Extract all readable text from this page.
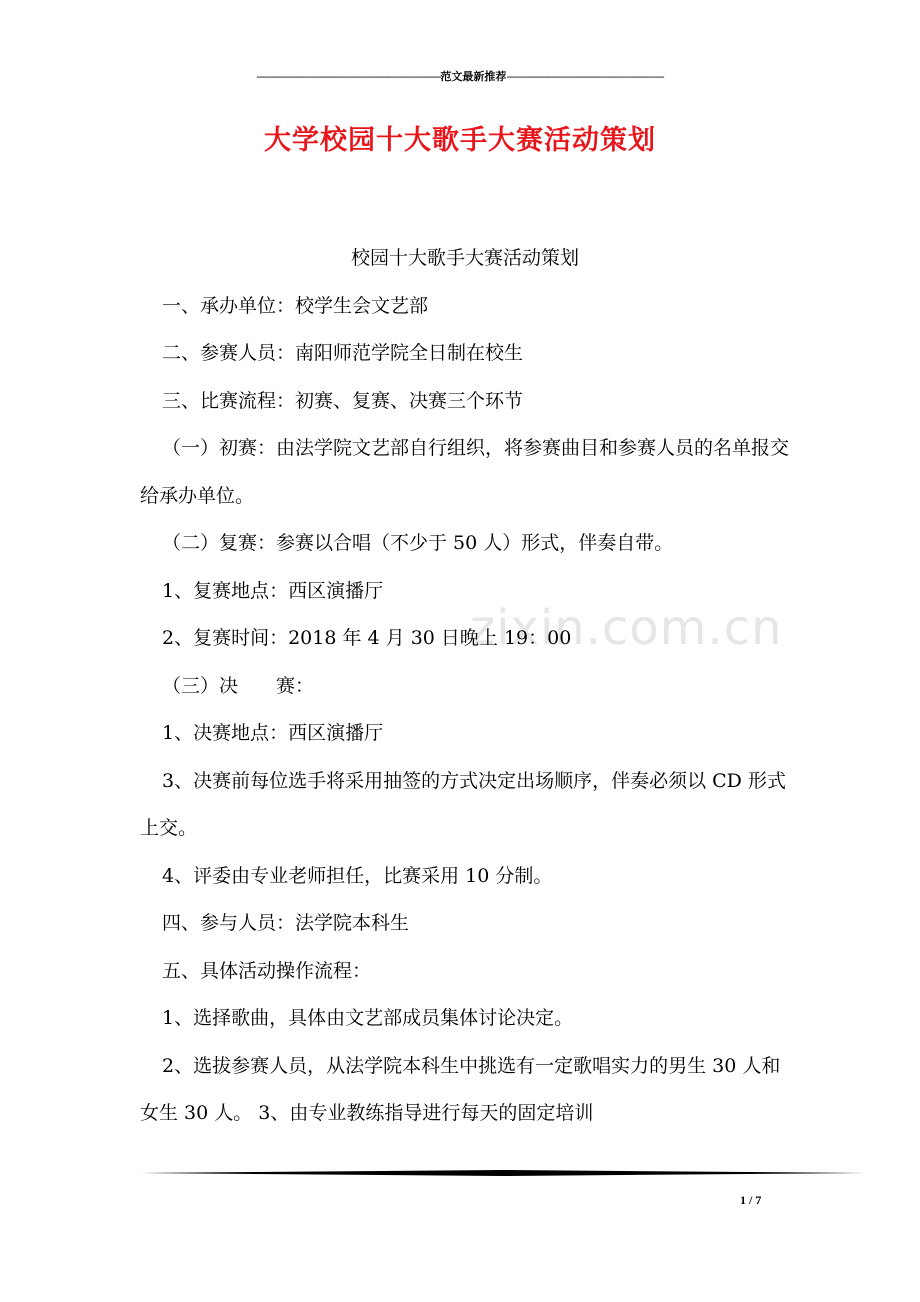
--------------------------------------------------------------范文最新推荐-----------------------------------------------------
大学校园十大歌手大赛活动策划
zixin.com.cn

校园十大歌手大赛活动策划

一、承办单位：校学生会文艺部

二、参赛人员：南阳师范学院全日制在校生

三、比赛流程：初赛、复赛、决赛三个环节

（一）初赛：由法学院文艺部自行组织，将参赛曲目和参赛人员的名单报交给承办单位。

（二）复赛：参赛以合唱（不少于 50 人）形式，伴奏自带。

1、复赛地点：西区演播厅

2、复赛时间：2018 年 4 月 30 日晚上 19：00

（三）决　　赛：

1、决赛地点：西区演播厅

3、决赛前每位选手将采用抽签的方式决定出场顺序，伴奏必须以 CD 形式上交。

4、评委由专业老师担任，比赛采用 10 分制。

四、参与人员：法学院本科生

五、具体活动操作流程：

1、选择歌曲，具体由文艺部成员集体讨论决定。

2、选拔参赛人员，从法学院本科生中挑选有一定歌唱实力的男生 30 人和女生 30 人。 3、由专业教练指导进行每天的固定培训

1 / 7
